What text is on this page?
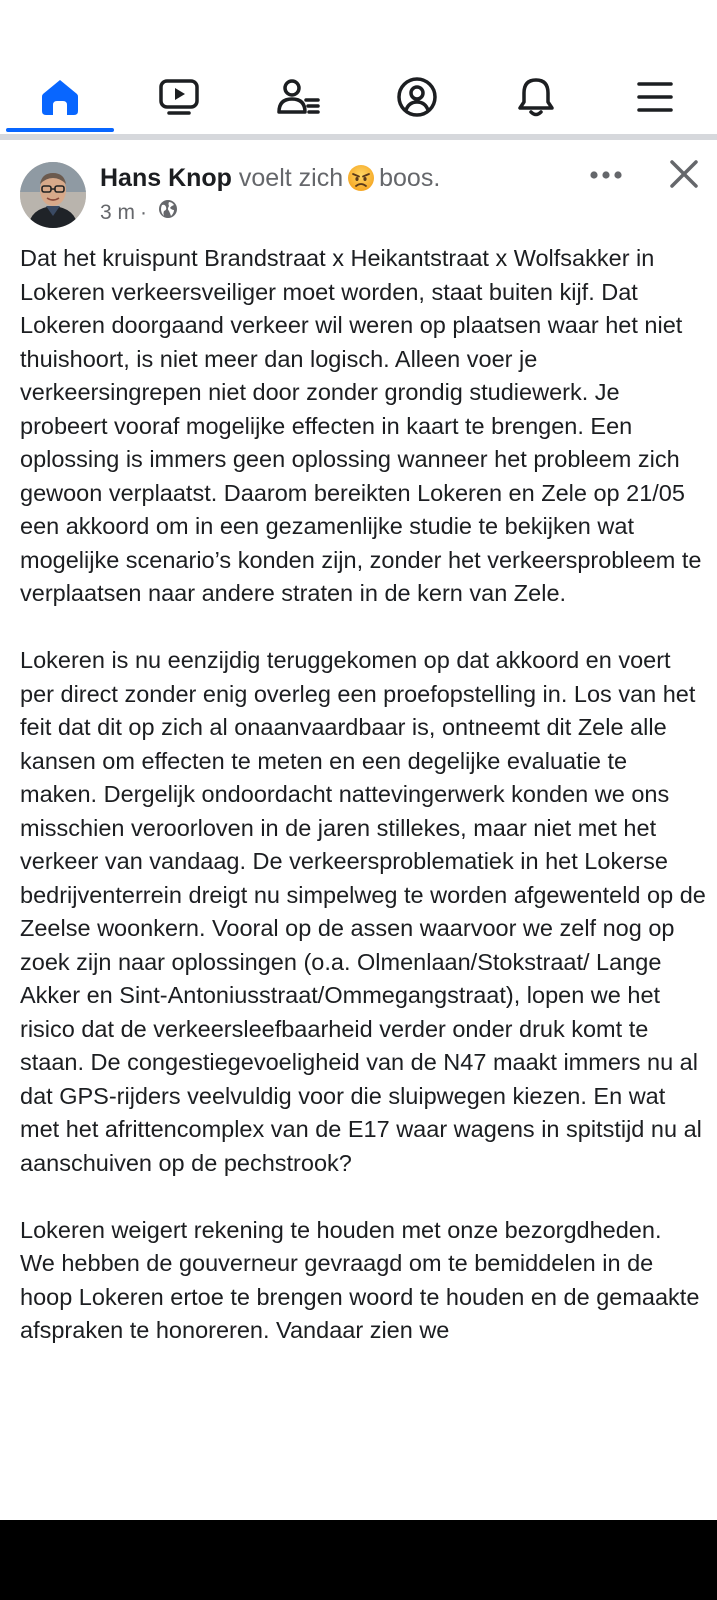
Hans Knop voelt zich boos.
3 m ·

Dat het kruispunt Brandstraat x Heikantstraat x Wolfsakker in Lokeren verkeersveiliger moet worden, staat buiten kijf. Dat Lokeren doorgaand verkeer wil weren op plaatsen waar het niet thuishoort, is niet meer dan logisch. Alleen voer je verkeersingrepen niet door zonder grondig studiewerk. Je probeert vooraf mogelijke effecten in kaart te brengen. Een oplossing is immers geen oplossing wanneer het probleem zich gewoon verplaatst. Daarom bereikten Lokeren en Zele op 21/05 een akkoord om in een gezamenlijke studie te bekijken wat mogelijke scenario’s konden zijn, zonder het verkeersprobleem te verplaatsen naar andere straten in de kern van Zele.

Lokeren is nu eenzijdig teruggekomen op dat akkoord en voert per direct zonder enig overleg een proefopstelling in. Los van het feit dat dit op zich al onaanvaardbaar is, ontneemt dit Zele alle kansen om effecten te meten en een degelijke evaluatie te maken. Dergelijk ondoordacht nattevingerwerk konden we ons misschien veroorloven in de jaren stillekes, maar niet met het verkeer van vandaag. De verkeersproblematiek in het Lokerse bedrijventerrein dreigt nu simpelweg te worden afgewenteld op de Zeelse woonkern. Vooral op de assen waarvoor we zelf nog op zoek zijn naar oplossingen (o.a. Olmenlaan/Stokstraat/ Lange Akker en Sint-Antoniusstraat/Ommegangstraat), lopen we het risico dat de verkeersleefbaarheid verder onder druk komt te staan. De congestiegevoeligheid van de N47 maakt immers nu al dat GPS-rijders veelvuldig voor die sluipwegen kiezen. En wat met het afrittencomplex van de E17 waar wagens in spitstijd nu al aanschuiven op de pechstrook?

Lokeren weigert rekening te houden met onze bezorgdheden.
We hebben de gouverneur gevraagd om te bemiddelen in de hoop Lokeren ertoe te brengen woord te houden en de gemaakte afspraken te honoreren. Vandaar zien we
